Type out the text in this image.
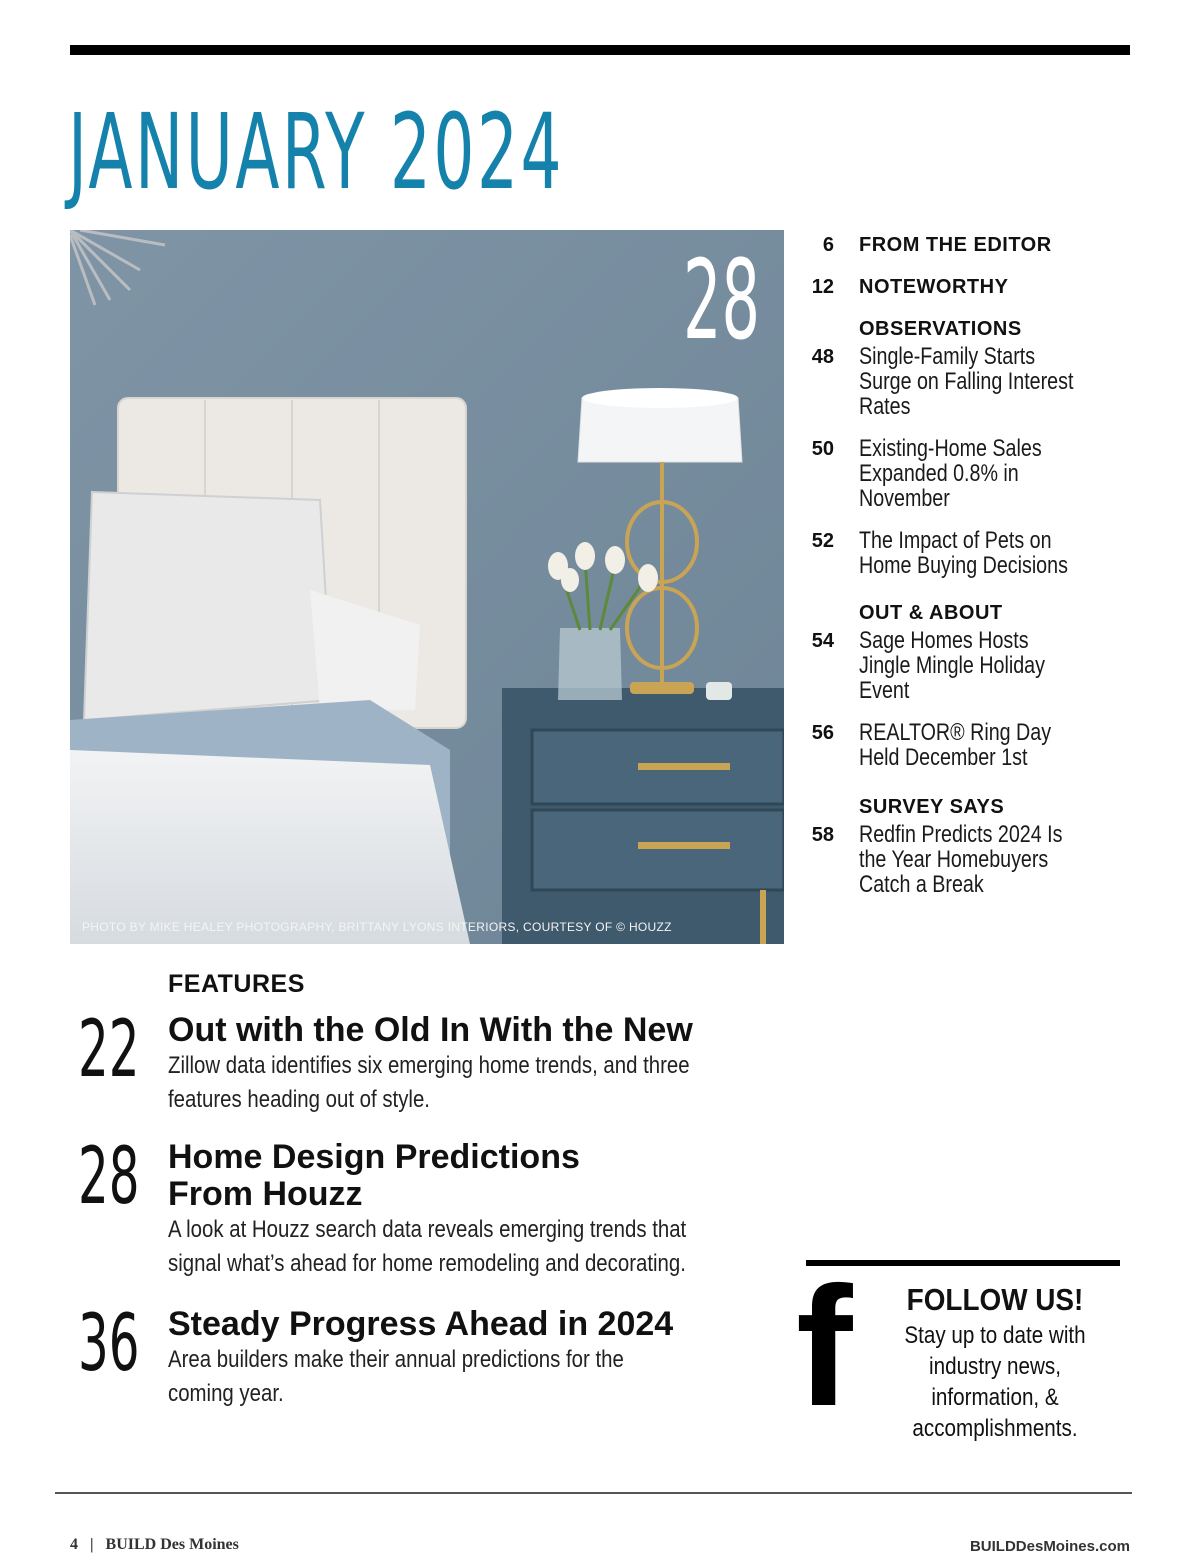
JANUARY 2024
28
PHOTO BY MIKE HEALEY PHOTOGRAPHY, BRITTANY LYONS INTERIORS, COURTESY OF © HOUZZ
6 FROM THE EDITOR
12 NOTEWORTHY
OBSERVATIONS
48 Single-Family Starts Surge on Falling Interest Rates
50 Existing-Home Sales Expanded 0.8% in November
52 The Impact of Pets on Home Buying Decisions
OUT & ABOUT
54 Sage Homes Hosts Jingle Mingle Holiday Event
56 REALTOR® Ring Day Held December 1st
SURVEY SAYS
58 Redfin Predicts 2024 Is the Year Homebuyers Catch a Break
FEATURES
22 Out with the Old In With the New
Zillow data identifies six emerging home trends, and three features heading out of style.
28 Home Design Predictions From Houzz
A look at Houzz search data reveals emerging trends that signal what’s ahead for home remodeling and decorating.
36 Steady Progress Ahead in 2024
Area builders make their annual predictions for the coming year.	f	FOLLOW US!
Stay up to date with industry news, information, & accomplishments.
4 | BUILD Des Moines	BUILDDesMoines.com
